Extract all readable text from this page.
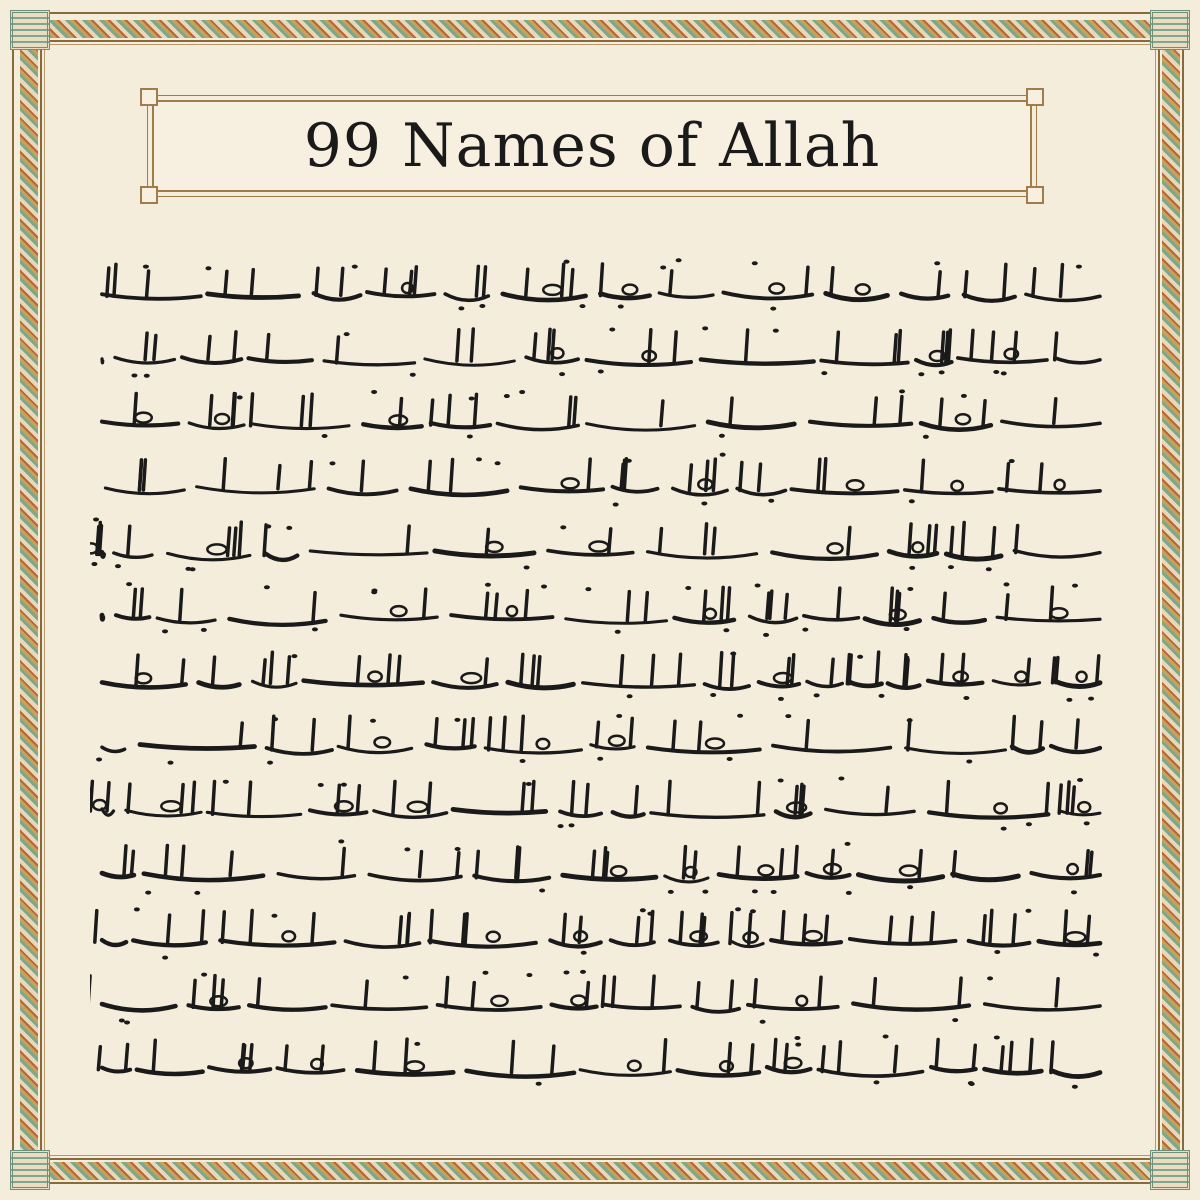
99 Names of Allah
